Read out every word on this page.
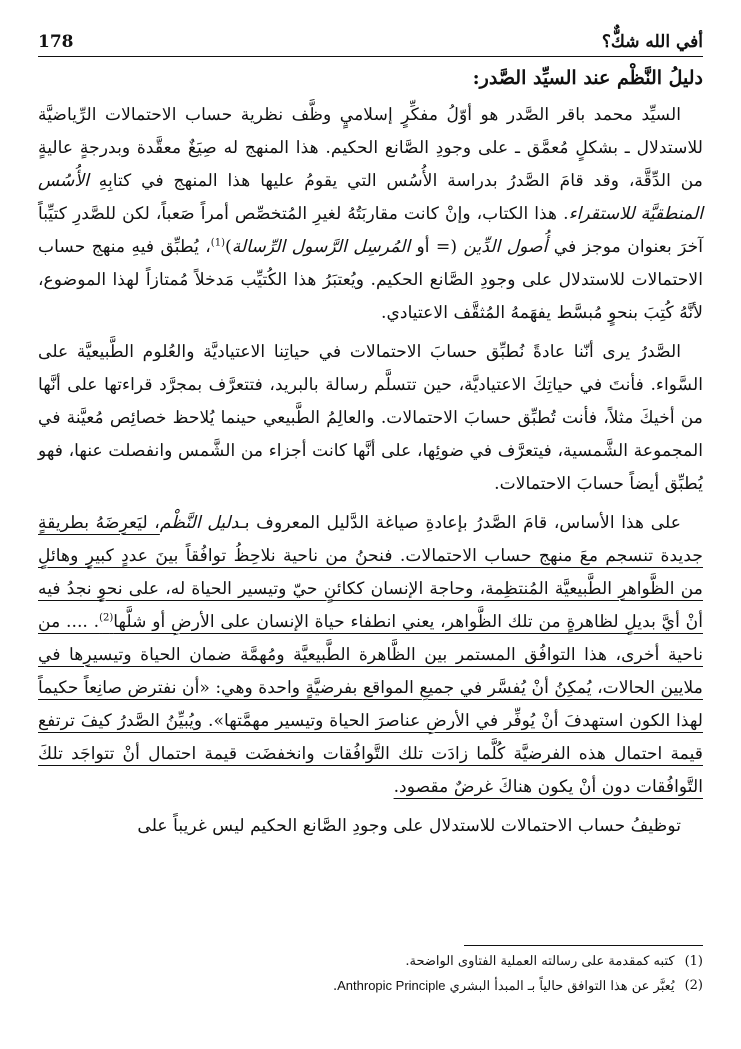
178	أفي الله شكٌّ؟
دليلُ النَّظْم عند السيِّد الصَّدر:

السيِّد محمد باقر الصَّدر هو أوّلُ مفكِّرٍ إسلاميٍ وظَّف نظرية حساب الاحتمالات الرِّياضيَّة للاستدلال ـ بشكلٍ مُعمَّق ـ على وجودِ الصَّانع الحكيم. هذا المنهج له صِيَغٌ معقَّدة وبدرجةٍ عاليةٍ من الدِّقَّة، وقد قامَ الصَّدرُ بدراسة الأُسُس التي يقومُ عليها هذا المنهج في كتابِهِ الأُسُس المنطقيَّة للاستقراء. هذا الكتاب، وإنْ كانت مقاربَتُهُ لغيرِ المُتخصِّص أمراً صَعباً، لكن للصَّدرِ كتيِّباً آخرَ بعنوان موجز في أُصول الدِّين (= أو المُرسِل الرَّسول الرِّسالة)$^{(1)}$، يُطبِّق فيهِ منهج حساب الاحتمالات للاستدلال على وجودِ الصَّانع الحكيم. ويُعتبَرُ هذا الكُتيِّب مَدخلاً مُمتازاً لهذا الموضوع، لأنَّهُ كُتِبَ بنحوٍ مُبسَّط يفهَمهُ المُثقَّف الاعتيادي.

الصَّدرُ يرى أنّنا عادةً نُطبِّق حسابَ الاحتمالات في حياتِنا الاعتياديَّة والعُلوم الطَّبيعيَّة على السَّواء. فأنتَ في حياتِكَ الاعتياديَّة، حين تتسلَّم رسالة بالبريد، فتتعرَّف بمجرَّد قراءتها على أنَّها من أخيكَ مثلاً، فأنت تُطبِّق حسابَ الاحتمالات. والعالِمُ الطَّبيعي حينما يُلاحظ خصائِص مُعيَّنة في المجموعة الشَّمسية، فيتعرَّف في ضوئِها، على أنَّها كانت أجزاء من الشَّمس وانفصلت عنها، فهو يُطبِّق أيضاً حسابَ الاحتمالات.

على هذا الأساس، قامَ الصَّدرُ بإعادةِ صياغة الدَّليل المعروف بـدليل النَّظْم، ليَعرِضَهُ بطريقةٍ جديدة تنسجم معَ منهج حساب الاحتمالات. فنحنُ من ناحية نلاحِظُ توافُقاً بينَ عددٍ كبيرٍ وهائلٍ من الظَّواهرِ الطَّبيعيَّة المُنتظِمة، وحاجة الإنسان ككائنٍ حيّ وتيسير الحياة له، على نحوٍ نجدُ فيه أنْ أيَّ بديلٍ لظاهرةٍ من تلك الظَّواهر، يعني انطفاء حياة الإنسان على الأرضِ أو شلَّها$^{(2)}$. .... من ناحية أخرى، هذا التوافُق المستمر بين الظَّاهرة الطَّبيعيَّة ومُهمَّة ضمان الحياة وتيسيرِها في ملايين الحالات، يُمكِنُ أنْ يُفسَّر في جميعِ المواقع بفرضيَّةٍ واحدة وهي: «أن نفترض صانِعاً حكيماً لهذا الكون استهدفَ أنْ يُوفِّر في الأرضِ عناصرَ الحياة وتيسير مهمَّتها». ويُبيِّنُ الصَّدرُ كيفَ ترتفع قيمة احتمال هذه الفرضيَّة كُلَّما زادَت تلك التَّوافُقات وانخفضَت قيمة احتمال أنْ تتواجَد تلكَ التَّوافُقات دون أنْ يكون هناكَ غرضٌ مقصود.

توظيفُ حساب الاحتمالات للاستدلال على وجودِ الصَّانع الحكيم ليس غريباً على

(1)
كتبه كمقدمة على رسالته العملية الفتاوى الواضحة.
(2)
يُعبَّر عن هذا التوافق حالياً بـ المبدأ البشري Anthropic Principle.
